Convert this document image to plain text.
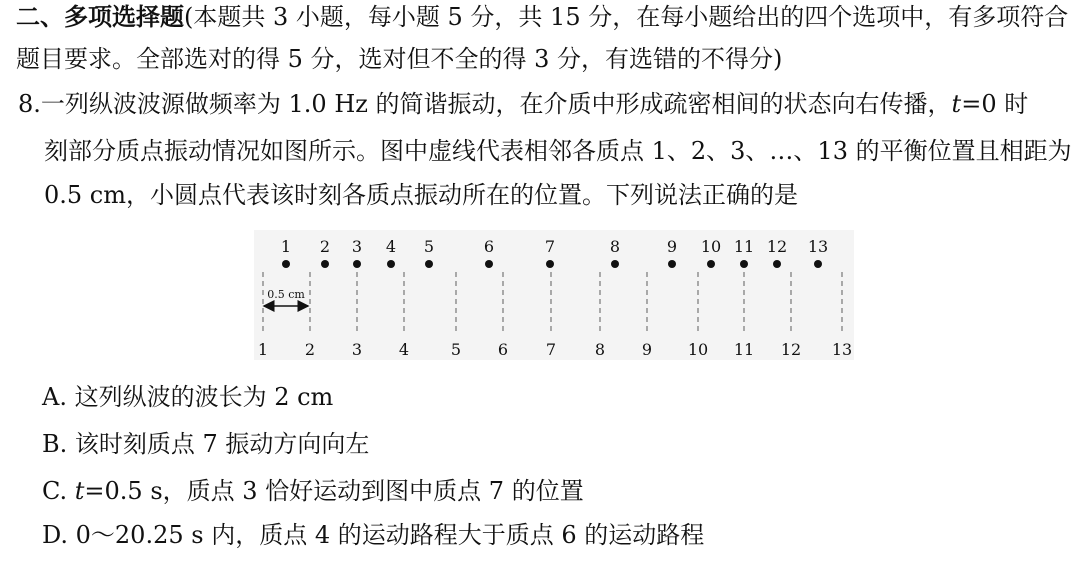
二、多项选择题(本题共 3 小题，每小题 5 分，共 15 分，在每小题给出的四个选项中，有多项符合
题目要求。全部选对的得 5 分，选对但不全的得 3 分，有选错的不得分)
8.一列纵波波源做频率为 1.0 Hz 的简谐振动，在介质中形成疏密相间的状态向右传播，t=0 时
刻部分质点振动情况如图所示。图中虚线代表相邻各质点 1、2、3、…、13 的平衡位置且相距为
0.5 cm，小圆点代表该时刻各质点振动所在的位置。下列说法正确的是
1 2 3 4 5	6	7	8	9 10 11 12 13
1 2 3 4	5 6 7 8 9 10 11 12 13
0.5 cm
A. 这列纵波的波长为 2 cm
B. 该时刻质点 7 振动方向向左
C. t=0.5 s，质点 3 恰好运动到图中质点 7 的位置
D. 0～20.25 s 内，质点 4 的运动路程大于质点 6 的运动路程
